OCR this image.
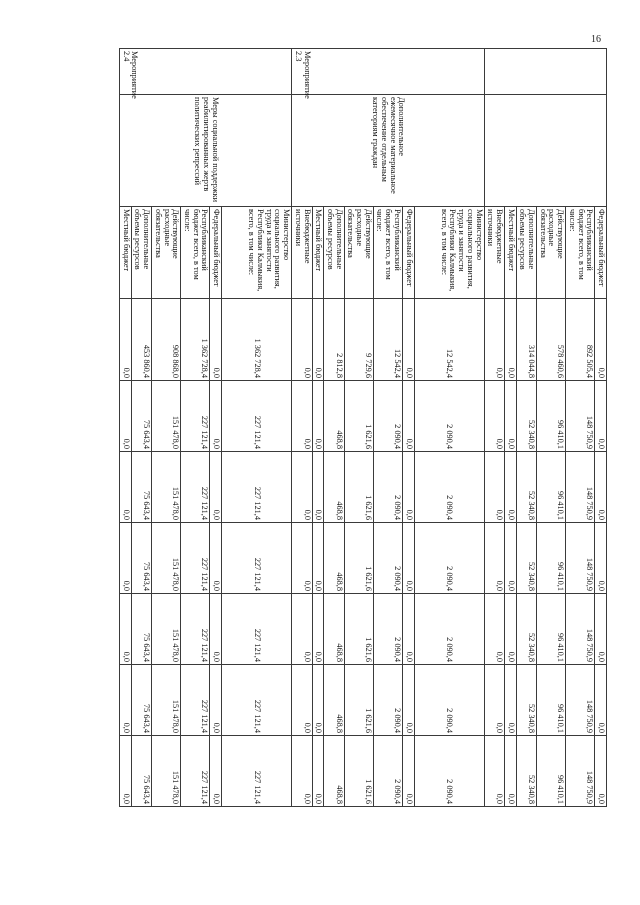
16
		Федеральный бюджет	0,0	0,0	0,0	0,0	0,0	0,0	0,0
		Республиканский бюджет всего, в том числе:	892 505,4	148 750,9	148 750,9	148 750,9	148 750,9	148 750,9	148 750,9
		Действующие расходные обязательства	578 460,6	96 410,1	96 410,1	96 410,1	96 410,1	96 410,1	96 410,1
		Дополнительные объемы ресурсов	314 044,8	52 340,8	52 340,8	52 340,8	52 340,8	52 340,8	52 340,8
		Местный бюджет	0,0	0,0	0,0	0,0	0,0	0,0	0,0
		Внебюджетные источники	0,0	0,0	0,0	0,0	0,0	0,0	0,0
Мероприятие 2.3	Дополнительное ежемесячное материальное обеспечение отдельным категориям граждан	Министерство социального развития, труда и занятости Республики Калмыкия, всего, в том числе:	12 542,4	2 090,4	2 090,4	2 090,4	2 090,4	2 090,4	2 090,4
		Федеральный бюджет	0,0	0,0	0,0	0,0	0,0	0,0	0,0
		Республиканский бюджет всего, в том числе:	12 542,4	2 090,4	2 090,4	2 090,4	2 090,4	2 090,4	2 090,4
		Действующие расходные обязательства	9 729,6	1 621,6	1 621,6	1 621,6	1 621,6	1 621,6	1 621,6
		Дополнительные объемы ресурсов	2 812,8	468,8	468,8	468,8	468,8	468,8	468,8
		Местный бюджет	0,0	0,0	0,0	0,0	0,0	0,0	0,0
		Внебюджетные источники	0,0	0,0	0,0	0,0	0,0	0,0	0,0
Мероприятие 2.4	Меры социальной поддержки реабилитированных жертв политических репрессий	Министерство социального развития, труда и занятости Республики Калмыкия, всего, в том числе:	1 362 728,4	227 121,4	227 121,4	227 121,4	227 121,4	227 121,4	227 121,4
		Федеральный бюджет	0,0	0,0	0,0	0,0	0,0	0,0	0,0
		Республиканский бюджет всего, в том числе:	1 362 728,4	227 121,4	227 121,4	227 121,4	227 121,4	227 121,4	227 121,4
		Действующие расходные обязательства	908 868,0	151 478,0	151 478,0	151 478,0	151 478,0	151 478,0	151 478,0
		Дополнительные объемы ресурсов	453 860,4	75 643,4	75 643,4	75 643,4	75 643,4	75 643,4	75 643,4
		Местный бюджет	0,0	0,0	0,0	0,0	0,0	0,0	0,0
